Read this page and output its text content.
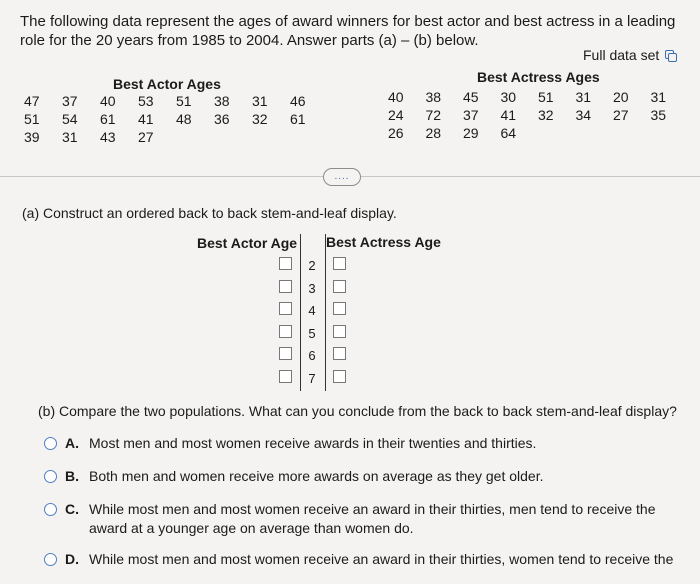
The following data represent the ages of award winners for best actor and best actress in a leading role for the 20 years from 1985 to 2004. Answer parts (a) – (b) below.
Full data set
Best Actor Ages
47	37	40	53	51	38	31	46
51	54	61	41	48	36	32	61
39	31	43	27
Best Actress Ages
40	38	45	30	51	31	20	31
24	72	37	41	32	34	27	35
26	28	29	64
....
(a) Construct an ordered back to back stem-and-leaf display.
Best Actor Age Best Actress Age
2
3
4
5
6
7
(b) Compare the two populations. What can you conclude from the back to back stem-and-leaf display?
A. Most men and most women receive awards in their twenties and thirties.
B. Both men and women receive more awards on average as they get older.
C. While most men and most women receive an award in their thirties, men tend to receive the award at a younger age on average than women do.
D. While most men and most women receive an award in their thirties, women tend to receive the
